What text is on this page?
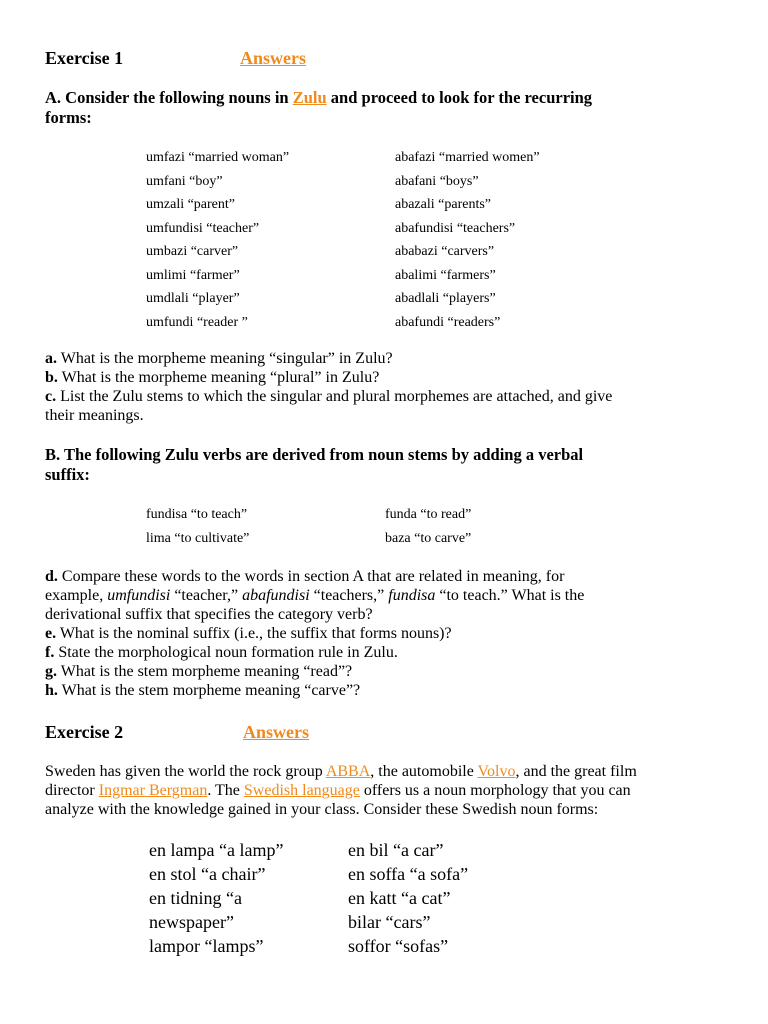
Exercise 1	Answers
A. Consider the following nouns in Zulu and proceed to look for the recurring
forms:
umfazi “married woman”
umfani “boy”
umzali “parent”
umfundisi “teacher”
umbazi “carver”
umlimi “farmer”
umdlali “player”
umfundi “reader ”
abafazi “married women”
abafani “boys”
abazali “parents”
abafundisi “teachers”
ababazi “carvers”
abalimi “farmers”
abadlali “players”
abafundi “readers”
a. What is the morpheme meaning “singular” in Zulu?
b. What is the morpheme meaning “plural” in Zulu?
c. List the Zulu stems to which the singular and plural morphemes are attached, and give
their meanings.
B. The following Zulu verbs are derived from noun stems by adding a verbal
suffix:
fundisa “to teach”
lima “to cultivate”
funda “to read”
baza “to carve”
d. Compare these words to the words in section A that are related in meaning, for
example, umfundisi “teacher,” abafundisi “teachers,” fundisa “to teach.” What is the
derivational suffix that specifies the category verb?
e. What is the nominal suffix (i.e., the suffix that forms nouns)?
f. State the morphological noun formation rule in Zulu.
g. What is the stem morpheme meaning “read”?
h. What is the stem morpheme meaning “carve”?
Exercise 2	Answers
Sweden has given the world the rock group ABBA, the automobile Volvo, and the great film
director Ingmar Bergman. The Swedish language offers us a noun morphology that you can
analyze with the knowledge gained in your class. Consider these Swedish noun forms:
en lampa “a lamp”
en stol “a chair”
en tidning “a
newspaper”
lampor “lamps”
en bil “a car”
en soffa “a sofa”
en katt “a cat”
bilar “cars”
soffor “sofas”
